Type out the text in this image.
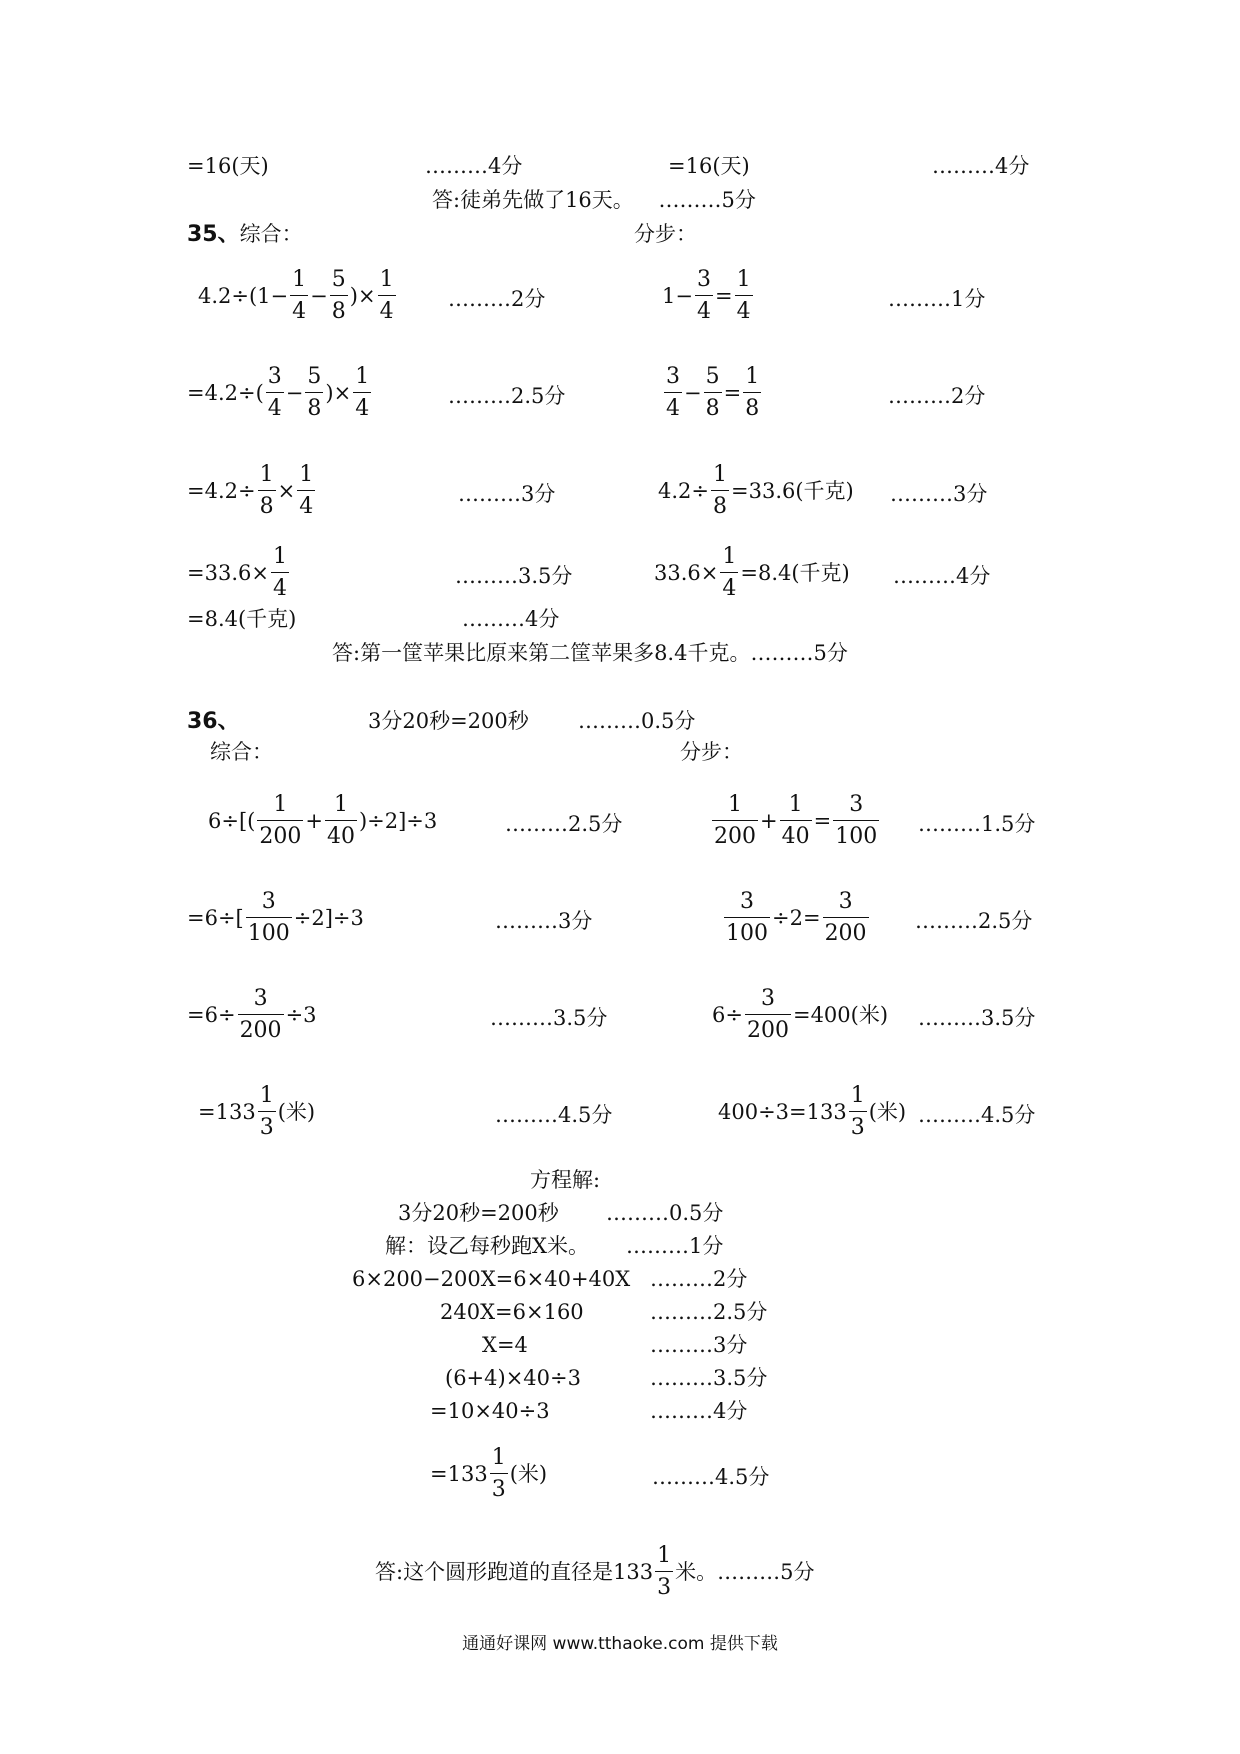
=16(天)	………4分	=16(天)	………4分
答:徒弟先做了16天。 ………5分
35、综合：	分步：
$4.2\div(1- \frac{1}{4} - \frac{5}{8}$ )× $\frac{1}{4}$ ………2分	$1- \frac{3}{4} = \frac{1}{4}$	………1分
$=4.2\div( \frac{3}{4} - \frac{5}{8}$ )× $\frac{1}{4}$	………2.5分	$\frac{3}{4} - \frac{5}{8} = \frac{1}{8}$	………2分
$=4.2\div \frac{1}{8} \times \frac{1}{4}$	………3分	$4.2\div \frac{1}{8} =33.6$(千克) ………3分
$=33.6\times \frac{1}{4}$	………3.5分	$33.6\times \frac{1}{4} =8.4$(千克) ………4分
=8.4(千克)	………4分
答:第一筐苹果比原来第二筐苹果多8.4千克。………5分
36、	3分20秒=200秒 ………0.5分
综合：	分步：
$6\div[( \frac{1}{200} + \frac{1}{40} )\div 2]\div 3$	………2.5分	$\frac{1}{200} + \frac{1}{40} = \frac{3}{100}$ ………1.5分
$=6\div[ \frac{3}{100} \div 2]\div 3$	………3分	$\frac{3}{100} \div 2= \frac{3}{200}$ ………2.5分
$=6\div \frac{3}{200} \div 3$	………3.5分	$6\div \frac{3}{200} =400$(米) ………3.5分
$=133 \frac{1}{3}$ (米)	………4.5分	$400\div 3=133 \frac{1}{3}$ (米) ………4.5分
方程解:
3分20秒=200秒 ………0.5分
解：设乙每秒跑X米。 ………1分
6×200−200X=6×40+40X ………2分
240X=6×160	………2.5分
X=4	………3分
(6+4)×40÷3	………3.5分
=10×40÷3	………4分
$=133 \frac{1}{3}$ (米)	………4.5分
答:这个圆形跑道的直径是$133 \frac{1}{3}$ 米。………5分
通通好课网 www.tthaoke.com 提供下载
